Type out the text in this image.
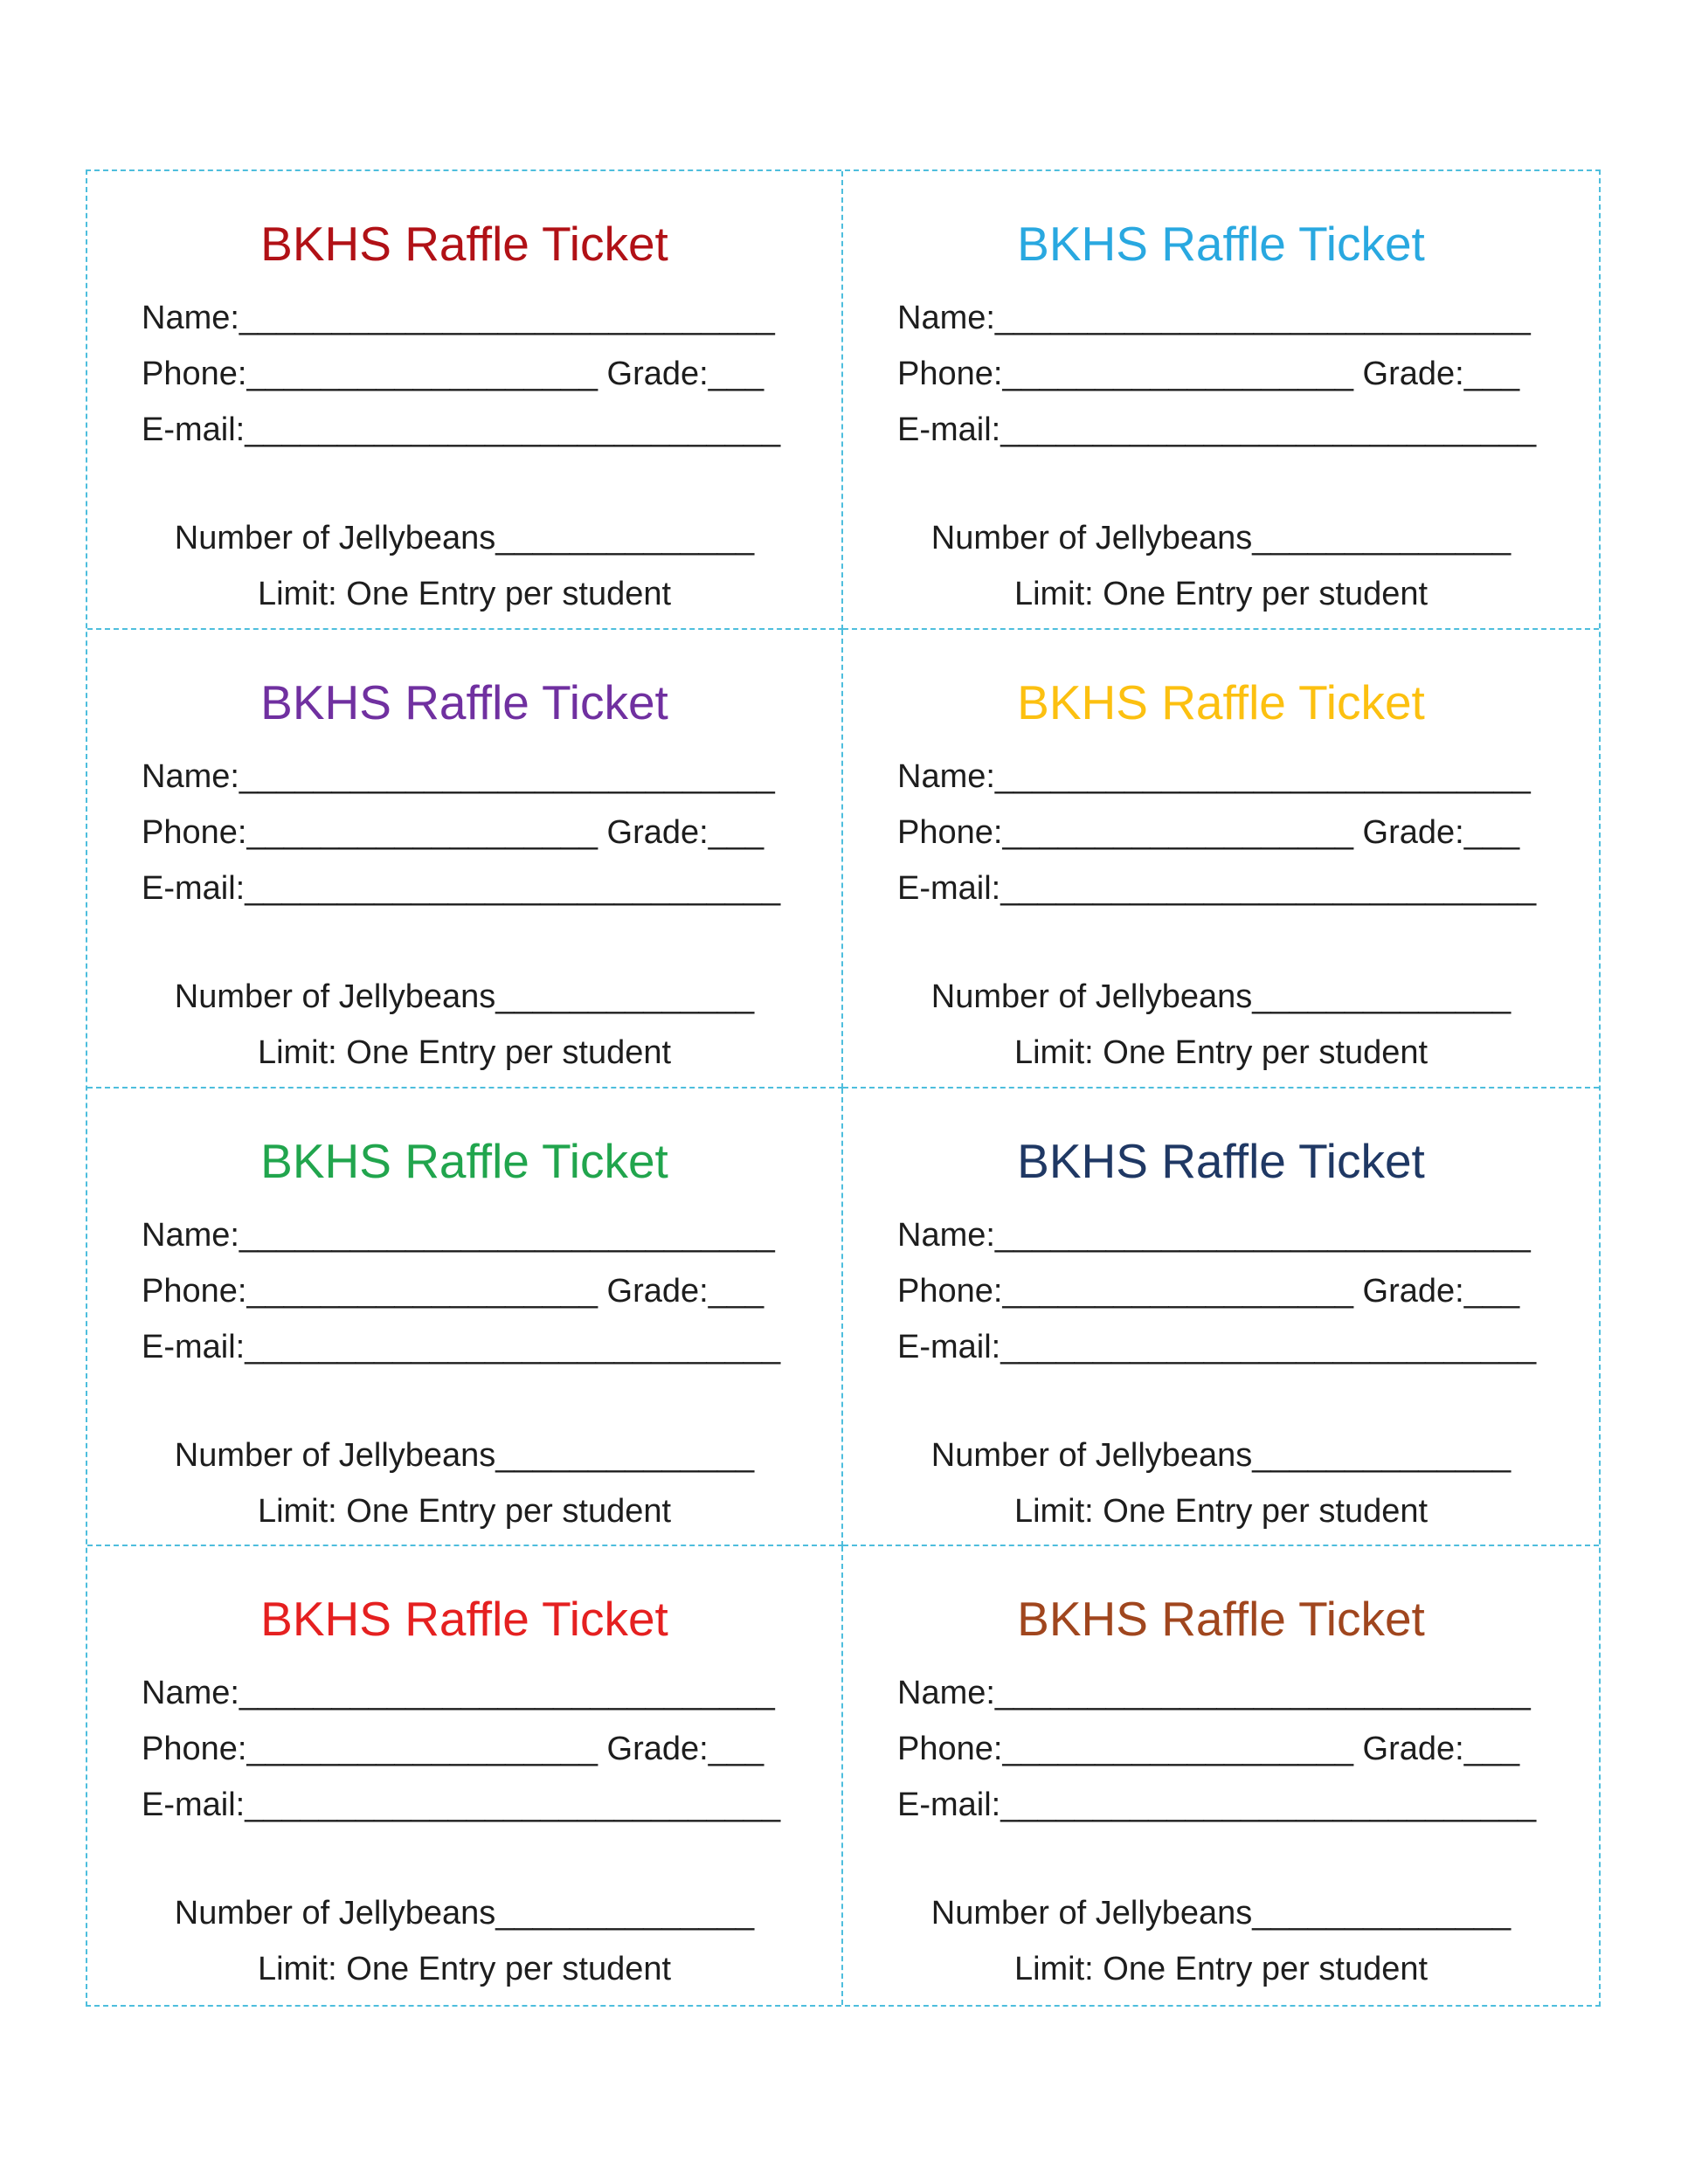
BKHS Raffle Ticket
Name:_____________________________
Phone:___________________ Grade:___
E-mail:_____________________________
Number of Jellybeans______________
Limit: One Entry per student
BKHS Raffle Ticket
Name:_____________________________
Phone:___________________ Grade:___
E-mail:_____________________________
Number of Jellybeans______________
Limit: One Entry per student
BKHS Raffle Ticket
Name:_____________________________
Phone:___________________ Grade:___
E-mail:_____________________________
Number of Jellybeans______________
Limit: One Entry per student
BKHS Raffle Ticket
Name:_____________________________
Phone:___________________ Grade:___
E-mail:_____________________________
Number of Jellybeans______________
Limit: One Entry per student
BKHS Raffle Ticket
Name:_____________________________
Phone:___________________ Grade:___
E-mail:_____________________________
Number of Jellybeans______________
Limit: One Entry per student
BKHS Raffle Ticket
Name:_____________________________
Phone:___________________ Grade:___
E-mail:_____________________________
Number of Jellybeans______________
Limit: One Entry per student
BKHS Raffle Ticket
Name:_____________________________
Phone:___________________ Grade:___
E-mail:_____________________________
Number of Jellybeans______________
Limit: One Entry per student
BKHS Raffle Ticket
Name:_____________________________
Phone:___________________ Grade:___
E-mail:_____________________________
Number of Jellybeans______________
Limit: One Entry per student
